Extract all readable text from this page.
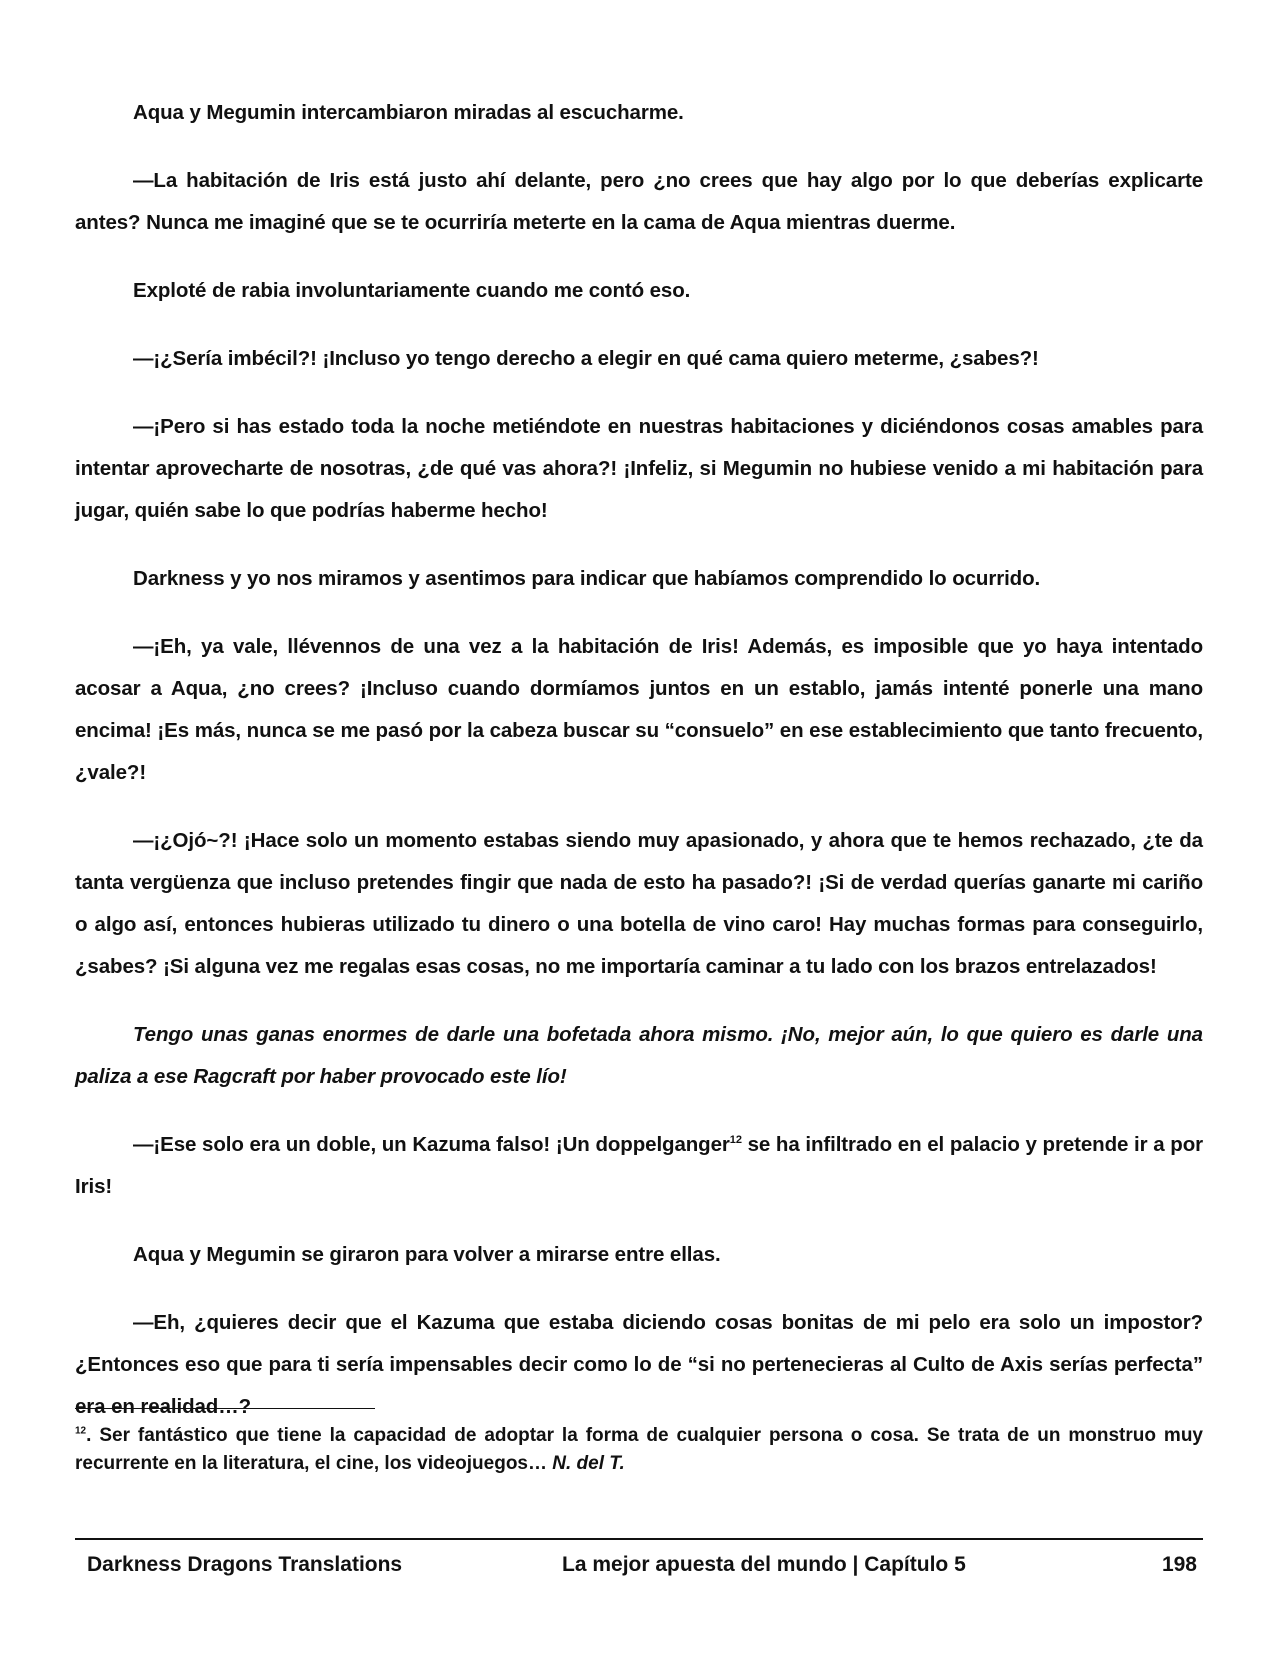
Aqua y Megumin intercambiaron miradas al escucharme.

—La habitación de Iris está justo ahí delante, pero ¿no crees que hay algo por lo que deberías explicarte antes? Nunca me imaginé que se te ocurriría meterte en la cama de Aqua mientras duerme.

Exploté de rabia involuntariamente cuando me contó eso.

—¡¿Sería imbécil?! ¡Incluso yo tengo derecho a elegir en qué cama quiero meterme, ¿sabes?!

—¡Pero si has estado toda la noche metiéndote en nuestras habitaciones y diciéndonos cosas amables para intentar aprovecharte de nosotras, ¿de qué vas ahora?! ¡Infeliz, si Megumin no hubiese venido a mi habitación para jugar, quién sabe lo que podrías haberme hecho!

Darkness y yo nos miramos y asentimos para indicar que habíamos comprendido lo ocurrido.

—¡Eh, ya vale, llévennos de una vez a la habitación de Iris! Además, es imposible que yo haya intentado acosar a Aqua, ¿no crees? ¡Incluso cuando dormíamos juntos en un establo, jamás intenté ponerle una mano encima! ¡Es más, nunca se me pasó por la cabeza buscar su “consuelo” en ese establecimiento que tanto frecuento, ¿vale?!

—¡¿Ojó~?! ¡Hace solo un momento estabas siendo muy apasionado, y ahora que te hemos rechazado, ¿te da tanta vergüenza que incluso pretendes fingir que nada de esto ha pasado?! ¡Si de verdad querías ganarte mi cariño o algo así, entonces hubieras utilizado tu dinero o una botella de vino caro! Hay muchas formas para conseguirlo, ¿sabes? ¡Si alguna vez me regalas esas cosas, no me importaría caminar a tu lado con los brazos entrelazados!

Tengo unas ganas enormes de darle una bofetada ahora mismo. ¡No, mejor aún, lo que quiero es darle una paliza a ese Ragcraft por haber provocado este lío!

—¡Ese solo era un doble, un Kazuma falso! ¡Un doppelganger$^{12}$ se ha infiltrado en el palacio y pretende ir a por Iris!

Aqua y Megumin se giraron para volver a mirarse entre ellas.

—Eh, ¿quieres decir que el Kazuma que estaba diciendo cosas bonitas de mi pelo era solo un impostor? ¿Entonces eso que para ti sería impensables decir como lo de “si no pertenecieras al Culto de Axis serías perfecta” era en realidad…?

$^{12}$. Ser fantástico que tiene la capacidad de adoptar la forma de cualquier persona o cosa. Se trata de un monstruo muy recurrente en la literatura, el cine, los videojuegos… N. del T.
Darkness Dragons Translations	La mejor apuesta del mundo | Capítulo 5	198
